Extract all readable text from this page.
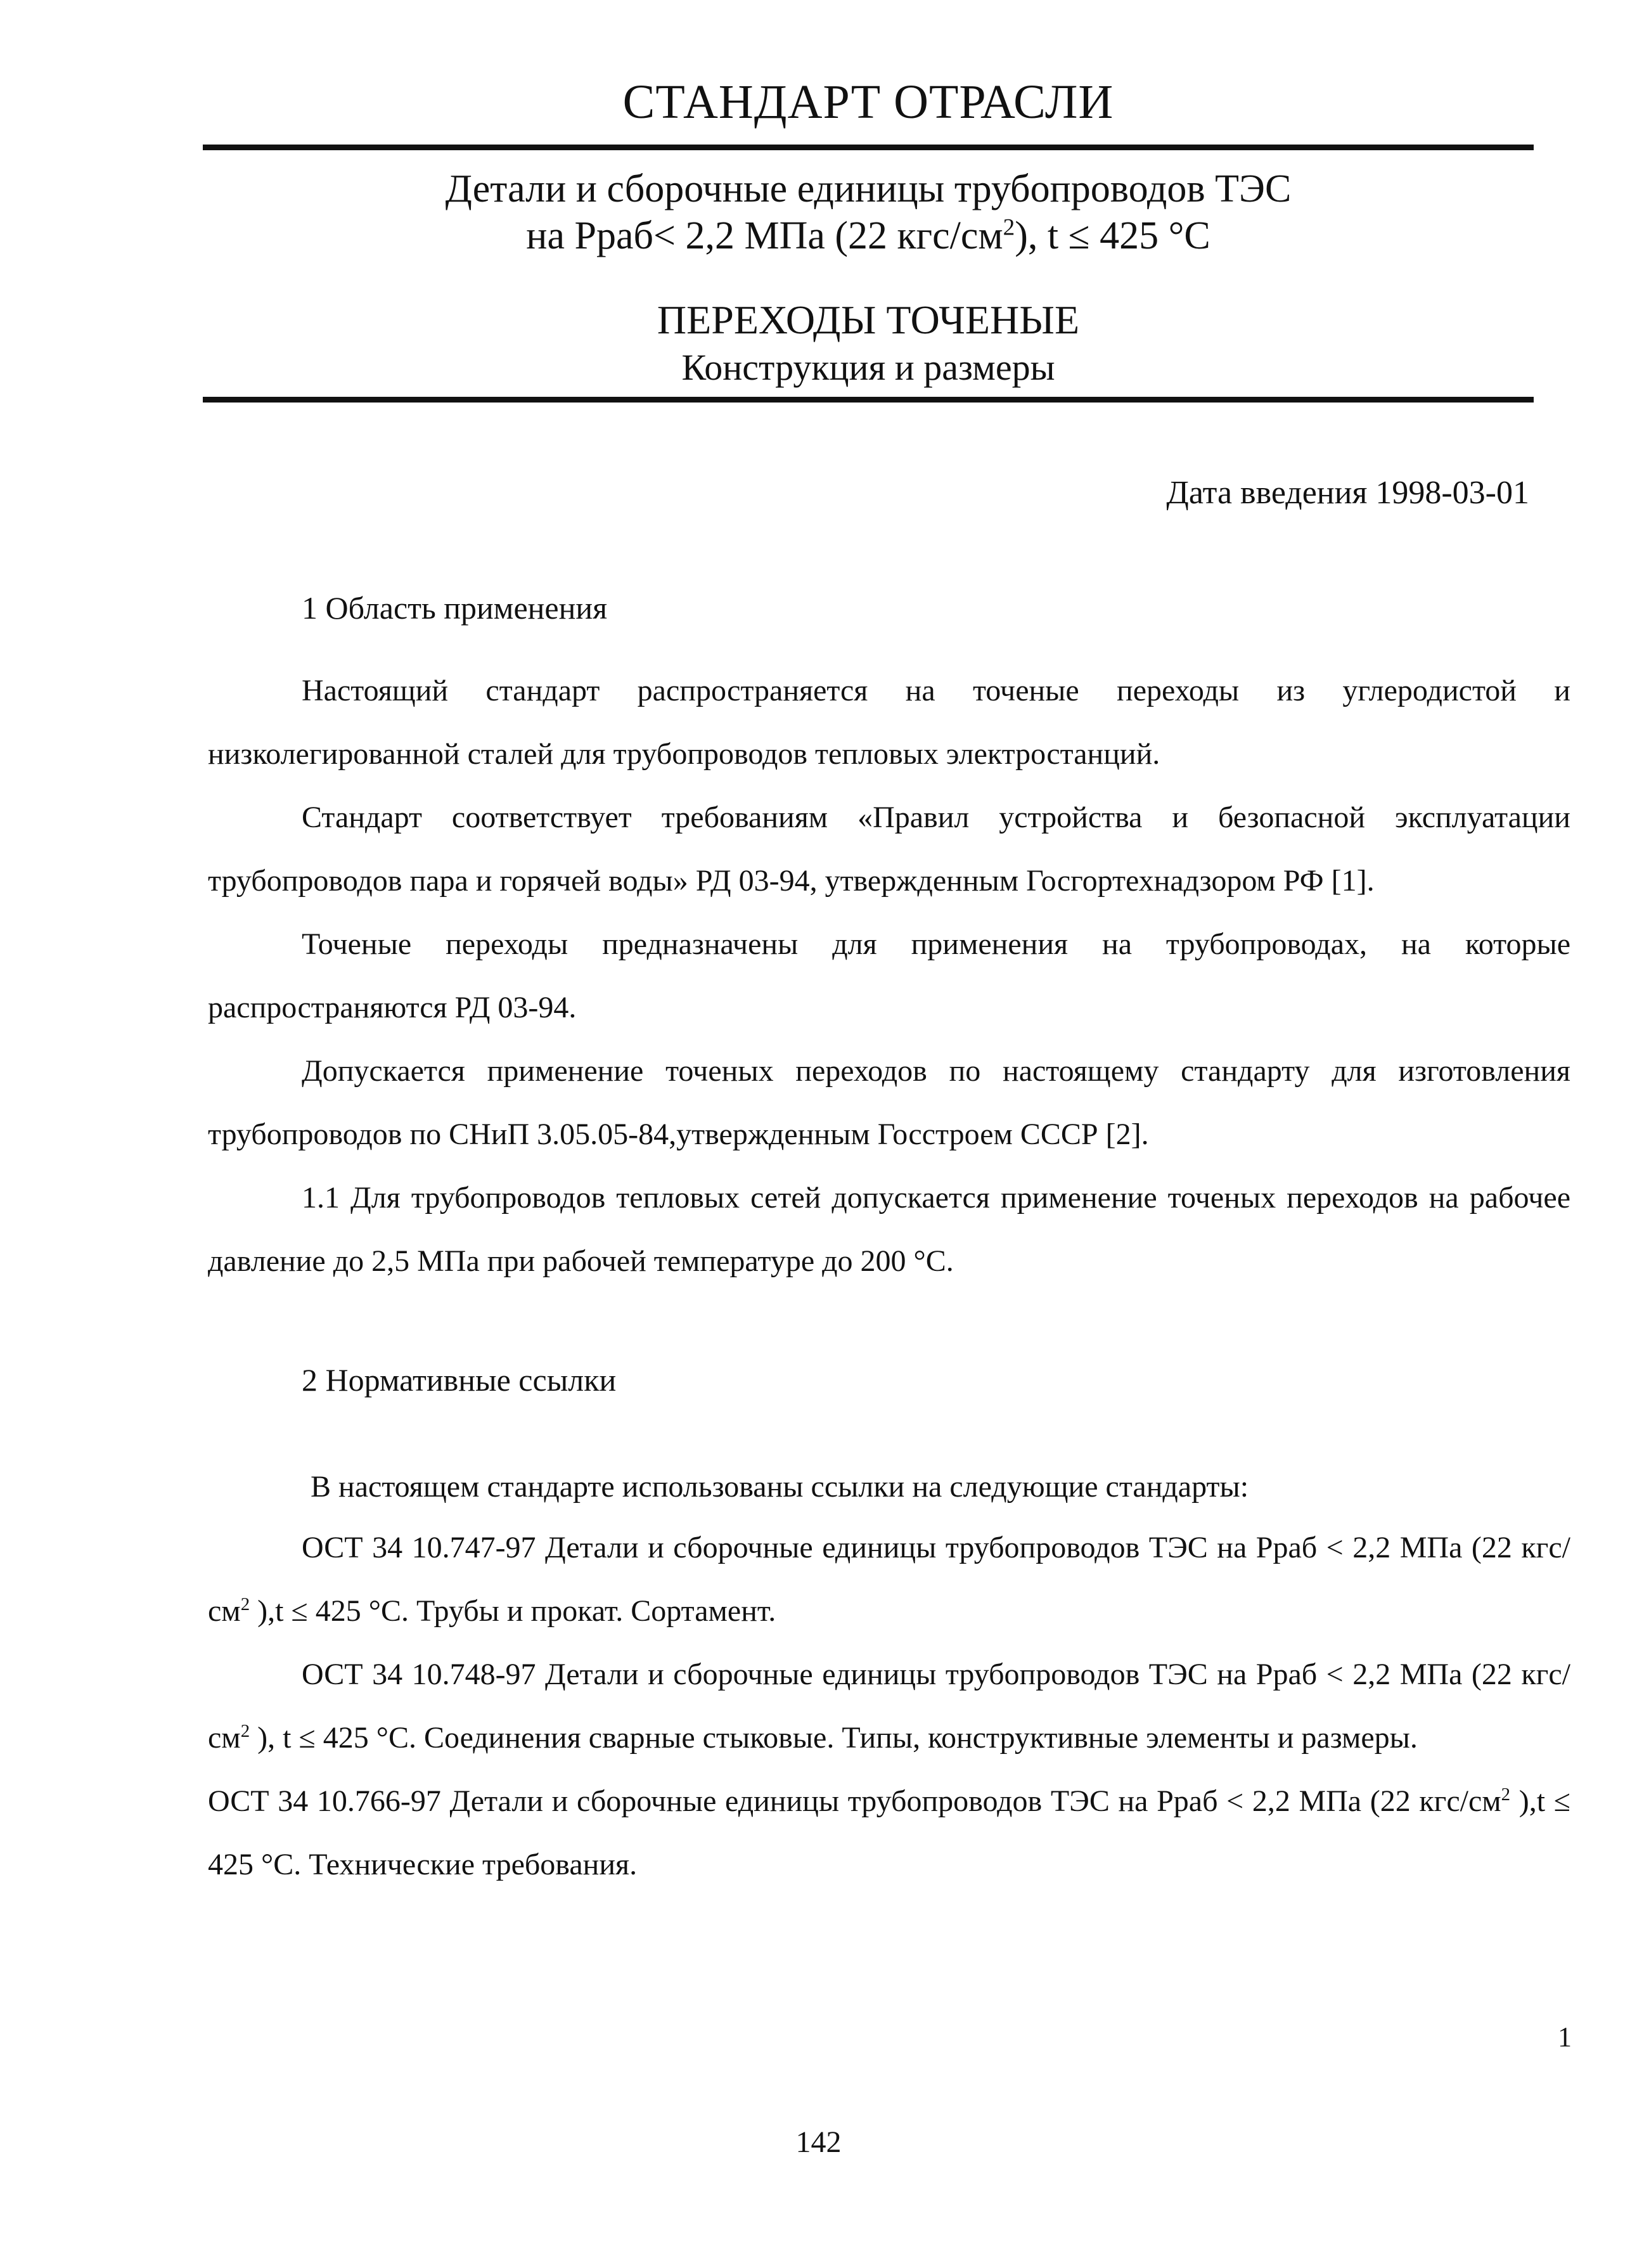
СТАНДАРТ ОТРАСЛИ
Детали и сборочные единицы трубопроводов ТЭС
на Рраб< 2,2 МПа (22 кгс/$см^2$), t ≤ 425 °С
ПЕРЕХОДЫ ТОЧЕНЫЕ
Конструкция и размеры
Дата введения 1998-03-01
1 Область применения

Настоящий стандарт распространяется на точеные переходы из углеродистой и низколегированной сталей для трубопроводов тепловых электростанций.

Стандарт соответствует требованиям «Правил устройства и безопасной эксплуатации трубопроводов пара и горячей воды» РД 03-94, утвержденным Госгортехнадзором РФ [1].

Точеные переходы предназначены для применения на трубопроводах, на которые распространяются РД 03-94.

Допускается применение точеных переходов по настоящему стандарту для изготовления трубопроводов по СНиП 3.05.05-84,утвержденным Госстроем СССР [2].

1.1 Для трубопроводов тепловых сетей допускается применение точеных переходов на рабочее давление до 2,5 МПа при рабочей температуре до 200 °С.

2 Нормативные ссылки
В настоящем стандарте использованы ссылки на следующие стандарты:

ОСТ 34 10.747-97 Детали и сборочные единицы трубопроводов ТЭС на Рраб < 2,2 МПа (22 кгс/$см^2$ ),t ≤ 425 °С. Трубы и прокат. Сортамент.

ОСТ 34 10.748-97 Детали и сборочные единицы трубопроводов ТЭС на Рраб < 2,2 МПа (22 кгс/$см^2$ ), t ≤ 425 °С. Соединения сварные стыковые. Типы, конструктивные элементы и размеры.

ОСТ 34 10.766-97 Детали и сборочные единицы трубопроводов ТЭС на Рраб < 2,2 МПа (22 кгс/$см^2$ ),t ≤ 425 °С. Технические требования.

1
142
